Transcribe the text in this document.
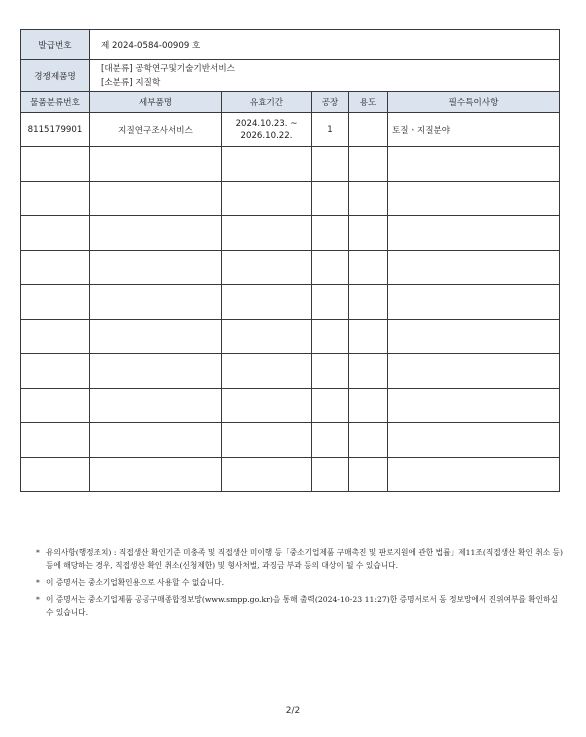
발급번호	제 2024-0584-00909 호
경쟁제품명	[대분류] 공학연구및기술기반서비스
[소분류] 지질학
물품분류번호	세부품명	유효기간	공장	용도	필수특이사항
8115179901	지질연구조사서비스	2024.10.23. ~
2026.10.22.	1		토질ㆍ지질분야

* 유의사항(행정조치) : 직접생산 확인기준 미충족 및 직접생산 미이행 등「중소기업제품 구매촉진 및 판로지원에 관한 법률」제11조(직접생산 확인 취소 등) 등에 해당하는 경우, 직접생산 확인 취소(신청제한) 및 형사처벌, 과징금 부과 등의 대상이 될 수 있습니다.
* 이 증명서는 중소기업확인용으로 사용할 수 없습니다.
* 이 증명서는 중소기업제품 공공구매종합정보망(www.smpp.go.kr)을 통해 출력(2024-10-23 11:27)한 증명서로서 동 정보망에서 진위여부를 확인하실 수 있습니다.
2/2
